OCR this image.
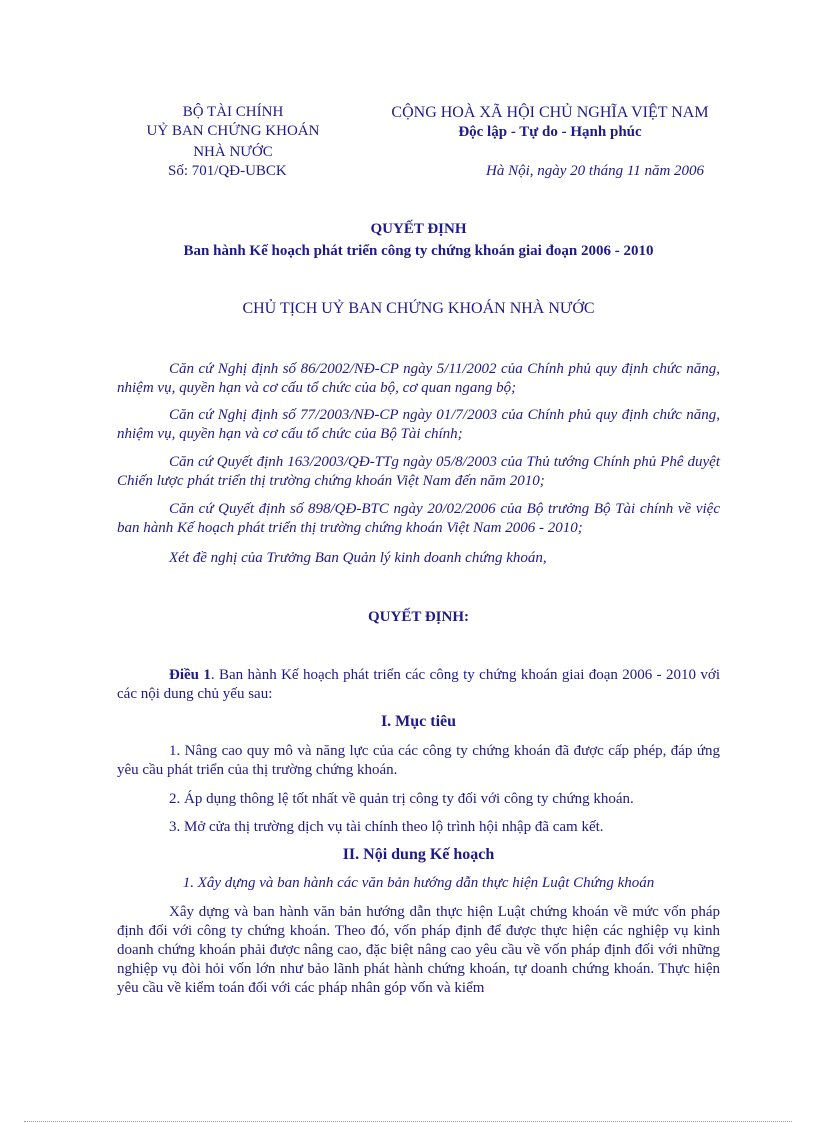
BỘ TÀI CHÍNH
UỶ BAN CHỨNG KHOÁN
NHÀ NƯỚC
Số: 701/QĐ-UBCK
CỘNG HOÀ XÃ HỘI CHỦ NGHĨA VIỆT NAM
Độc lập - Tự do - Hạnh phúc
Hà Nội, ngày 20 tháng 11 năm 2006
QUYẾT ĐỊNH
Ban hành Kế hoạch phát triển công ty chứng khoán giai đoạn 2006 - 2010
CHỦ TỊCH UỶ BAN CHỨNG KHOÁN NHÀ NƯỚC
Căn cứ Nghị định số 86/2002/NĐ-CP ngày 5/11/2002 của Chính phủ quy định chức năng, nhiệm vụ, quyền hạn và cơ cấu tổ chức của bộ, cơ quan ngang bộ;
Căn cứ Nghị định số 77/2003/NĐ-CP ngày 01/7/2003 của Chính phủ quy định chức năng, nhiệm vụ, quyền hạn và cơ cấu tổ chức của Bộ Tài chính;
Căn cứ Quyết định 163/2003/QĐ-TTg ngày 05/8/2003 của Thủ tướng Chính phủ Phê duyệt Chiến lược phát triển thị trường chứng khoán Việt Nam đến năm 2010;
Căn cứ Quyết định số 898/QĐ-BTC ngày 20/02/2006 của Bộ trưởng Bộ Tài chính về việc ban hành Kế hoạch phát triển thị trường chứng khoán Việt Nam 2006 - 2010;
Xét đề nghị của Trưởng Ban Quản lý kinh doanh chứng khoán,
QUYẾT ĐỊNH:
Điều 1. Ban hành Kế hoạch phát triển các công ty chứng khoán giai đoạn 2006 - 2010 với các nội dung chủ yếu sau:
I. Mục tiêu
1. Nâng cao quy mô và năng lực của các công ty chứng khoán đã được cấp phép, đáp ứng yêu cầu phát triển của thị trường chứng khoán.
2. Áp dụng thông lệ tốt nhất về quản trị công ty đối với công ty chứng khoán.
3. Mở cửa thị trường dịch vụ tài chính theo lộ trình hội nhập đã cam kết.
II. Nội dung Kế hoạch
1. Xây dựng và ban hành các văn bản hướng dẫn thực hiện Luật Chứng khoán
Xây dựng và ban hành văn bản hướng dẫn thực hiện Luật chứng khoán về mức vốn pháp định đối với công ty chứng khoán. Theo đó, vốn pháp định để được thực hiện các nghiệp vụ kinh doanh chứng khoán phải được nâng cao, đặc biệt nâng cao yêu cầu về vốn pháp định đối với những nghiệp vụ đòi hỏi vốn lớn như bảo lãnh phát hành chứng khoán, tự doanh chứng khoán. Thực hiện yêu cầu về kiểm toán đối với các pháp nhân góp vốn và kiểm
